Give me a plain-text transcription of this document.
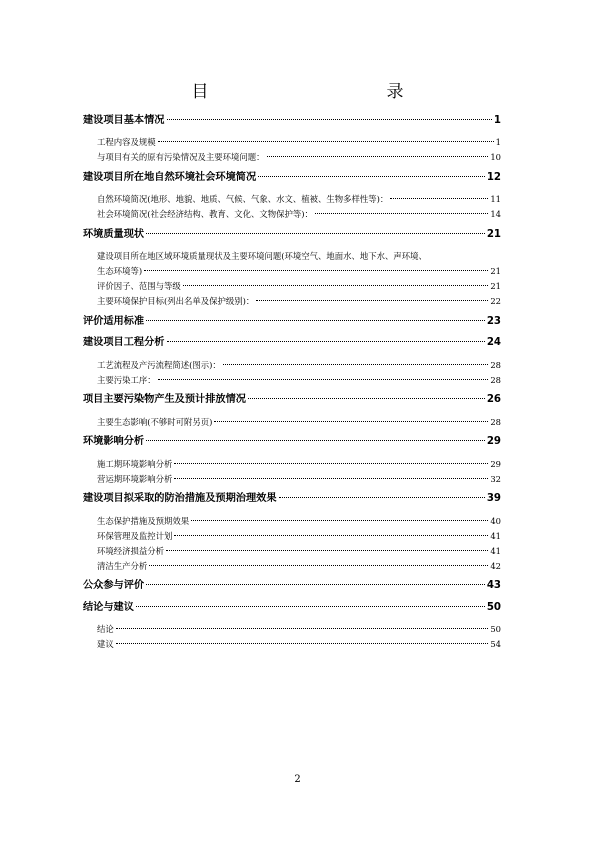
目　　录
建设项目基本情况	1
工程内容及规模	1
与项目有关的原有污染情况及主要环境问题：	10
建设项目所在地自然环境社会环境简况	12
自然环境简况(地形、地貌、地质、气候、气象、水文、植被、生物多样性等)：	11
社会环境简况(社会经济结构、教育、文化、文物保护等)：	14
环境质量现状	21
建设项目所在地区域环境质量现状及主要环境问题(环境空气、地面水、地下水、声环境、
生态环境等)	21
评价因子、范围与等级	21
主要环境保护目标(列出名单及保护级别)：	22
评价适用标准	23
建设项目工程分析	24
工艺流程及产污流程简述(图示)：	28
主要污染工序：	28
项目主要污染物产生及预计排放情况	26
主要生态影响(不够时可附另页)	28
环境影响分析	29
施工期环境影响分析	29
营运期环境影响分析	32
建设项目拟采取的防治措施及预期治理效果	39
生态保护措施及预期效果	40
环保管理及监控计划	41
环境经济损益分析	41
清洁生产分析	42
公众参与评价	43
结论与建议	50
结论	50
建议	54
2
